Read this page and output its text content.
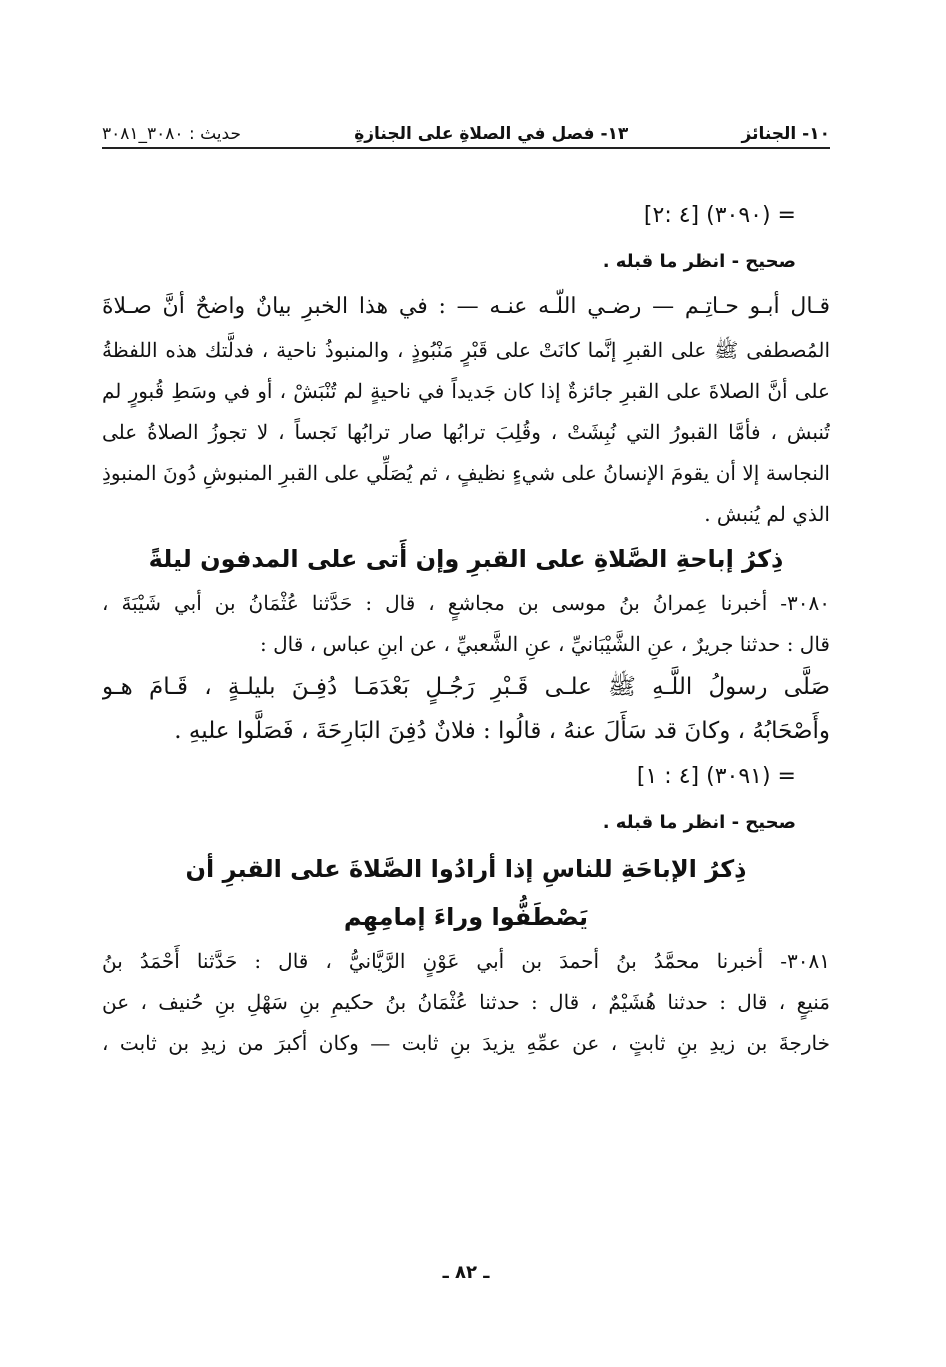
١٠- الجنائز
١٣- فصل في الصلاةِ على الجنازةِ
حديث : ٣٠٨٠_٣٠٨١
= (٣٠٩٠) [٤ :٢]
صحيح - انظر ما قبله .
قـال أبـو حـاتِـم — رضـي اللّـه عنـه — : في هذا الخبرِ بيانٌ واضحٌ أنَّ صـلاةَ
المُصطفى ﷺ على القبرِ إنَّما كانَتْ على قَبْرٍ مَنْبُوذٍ ، والمنبوذُ ناحية ، فدلَّتك هذه اللفظةُ
على أنَّ الصلاةَ على القبرِ جائزةٌ إذا كان جَديداً في ناحيةٍ لم تُنْبَشْ ، أو في وسَطِ قُبورٍ لم
تُنبش ، فأمَّا القبورُ التي نُبِشَتْ ، وقُلِبَ ترابُها صار ترابُها نَجساً ، لا تجوزُ الصلاةُ على
النجاسة إلا أن يقومَ الإنسانُ على شيءٍ نظيفٍ ، ثم يُصَلِّي على القبرِ المنبوشِ دُونَ المنبوذِ
الذي لم يُنبش .
ذِكرُ إباحةِ الصَّلاةِ على القبرِ وإن أَتى على المدفون ليلةً
٣٠٨٠- أخبرنا عِمرانُ بنُ موسى بن مجاشعٍ ، قال : حَدَّثنا عُثْمَانُ بن أبي شَيْبَةَ ،
قال : حدثنا جريرٌ ، عنِ الشَّيْبَانيِّ ، عنِ الشَّعبيِّ ، عن ابنِ عباس ، قال :
صَلَّى رسولُ اللَّـهِ ﷺ علـى قَـبْرِ رَجُـلٍ بَعْدَمَـا دُفِـنَ بليلـةٍ ، قَـامَ هـو
وأَصْحَابُهُ ، وكانَ قد سَأَلَ عنهُ ، قالُوا : فلانٌ دُفِنَ البَارِحَةَ ، فَصَلَّوا عليهِ .
= (٣٠٩١) [٤ : ١]
صحيح - انظر ما قبله .
ذِكرُ الإباحَةِ للناسِ إذا أرادُوا الصَّلاةَ على القبرِ أن
يَصْطَفُّوا وراءَ إمامِهِم
٣٠٨١- أخبرنا محمَّدُ بنُ أحمدَ بن أبي عَوْنٍ الرَّيَّانيُّ ، قال : حَدَّثنا أَحْمَدُ بنُ
مَنيعٍ ، قال : حدثنا هُشَيْمٌ ، قال : حدثنا عُثْمَانُ بنُ حكيمِ بنِ سَهْلِ بنِ حُنيف ، عن
خارجةَ بن زيدِ بنِ ثابتٍ ، عن عمِّهِ يزيدَ بنِ ثابت — وكان أكبرَ من زيدِ بن ثابت ،
ـ ٨٢ ـ
